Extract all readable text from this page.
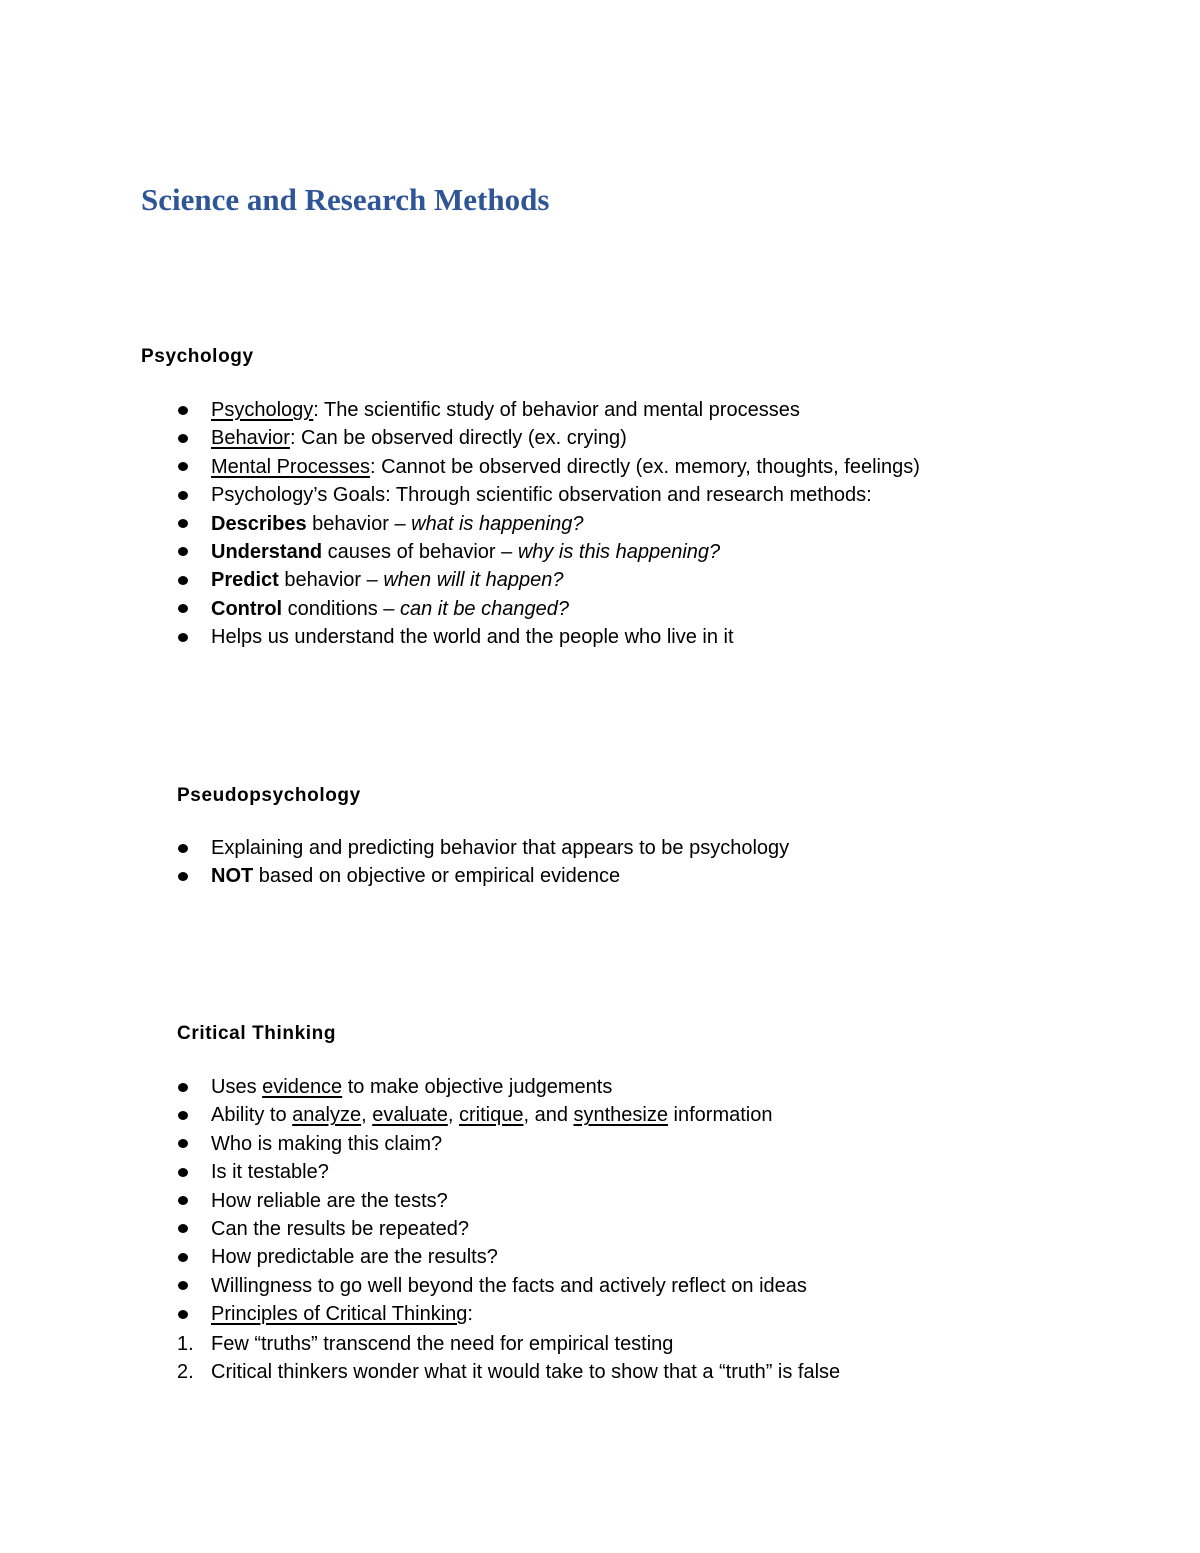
Science and Research Methods
Psychology
Psychology: The scientific study of behavior and mental processes
Behavior: Can be observed directly (ex. crying)
Mental Processes: Cannot be observed directly (ex. memory, thoughts, feelings)
Psychology’s Goals: Through scientific observation and research methods:
Describes behavior – what is happening?
Understand causes of behavior – why is this happening?
Predict behavior – when will it happen?
Control conditions – can it be changed?
Helps us understand the world and the people who live in it
Pseudopsychology
Explaining and predicting behavior that appears to be psychology
NOT based on objective or empirical evidence
Critical Thinking
Uses evidence to make objective judgements
Ability to analyze, evaluate, critique, and synthesize information
Who is making this claim?
Is it testable?
How reliable are the tests?
Can the results be repeated?
How predictable are the results?
Willingness to go well beyond the facts and actively reflect on ideas
Principles of Critical Thinking:
1. Few “truths” transcend the need for empirical testing
2. Critical thinkers wonder what it would take to show that a “truth” is false
